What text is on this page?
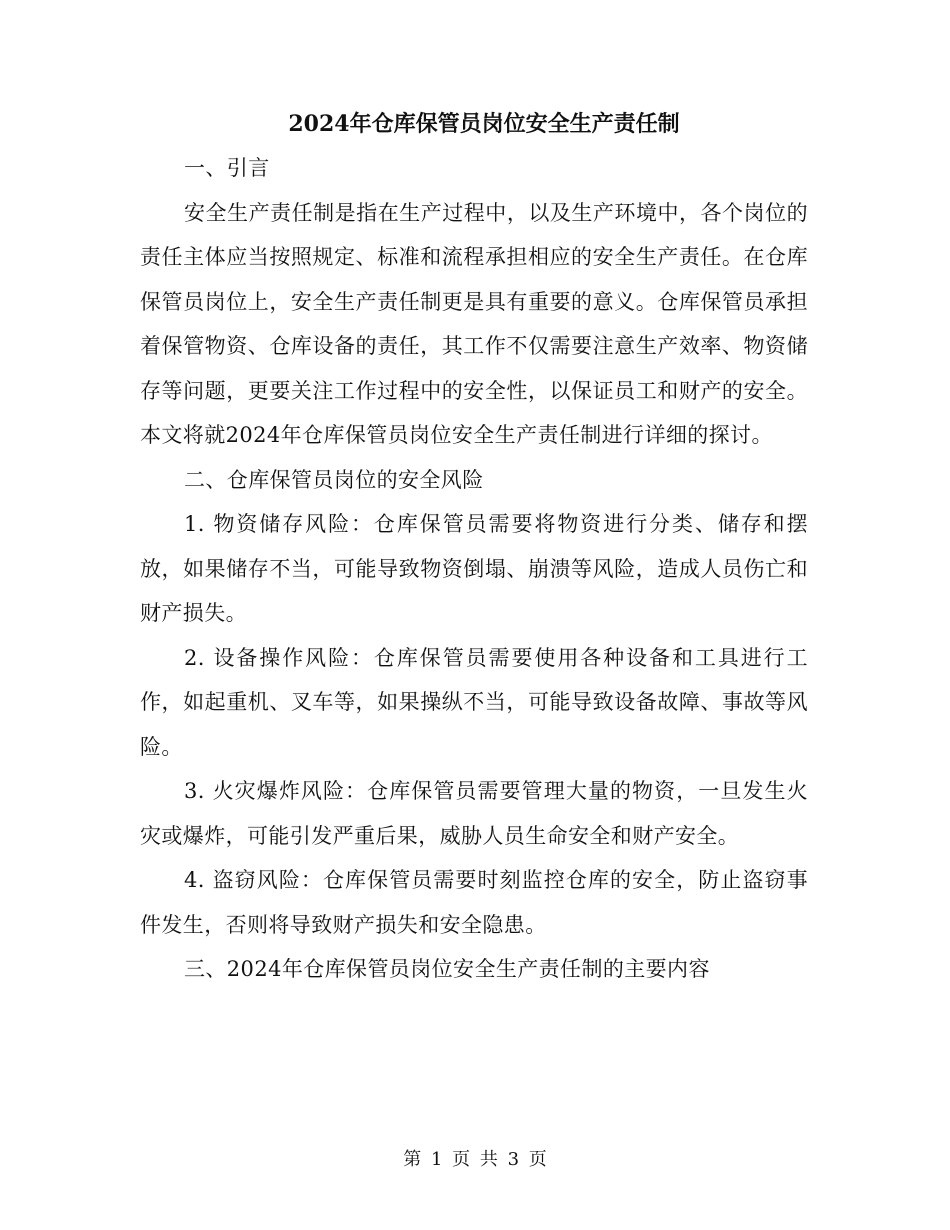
2024年仓库保管员岗位安全生产责任制

一、引言

安全生产责任制是指在生产过程中，以及生产环境中，各个岗位的责任主体应当按照规定、标准和流程承担相应的安全生产责任。在仓库保管员岗位上，安全生产责任制更是具有重要的意义。仓库保管员承担着保管物资、仓库设备的责任，其工作不仅需要注意生产效率、物资储存等问题，更要关注工作过程中的安全性，以保证员工和财产的安全。本文将就2024年仓库保管员岗位安全生产责任制进行详细的探讨。

二、仓库保管员岗位的安全风险

1. 物资储存风险：仓库保管员需要将物资进行分类、储存和摆放，如果储存不当，可能导致物资倒塌、崩溃等风险，造成人员伤亡和财产损失。

2. 设备操作风险：仓库保管员需要使用各种设备和工具进行工作，如起重机、叉车等，如果操纵不当，可能导致设备故障、事故等风险。

3. 火灾爆炸风险：仓库保管员需要管理大量的物资，一旦发生火灾或爆炸，可能引发严重后果，威胁人员生命安全和财产安全。

4. 盗窃风险：仓库保管员需要时刻监控仓库的安全，防止盗窃事件发生，否则将导致财产损失和安全隐患。

三、2024年仓库保管员岗位安全生产责任制的主要内容

第 1 页 共 3 页
